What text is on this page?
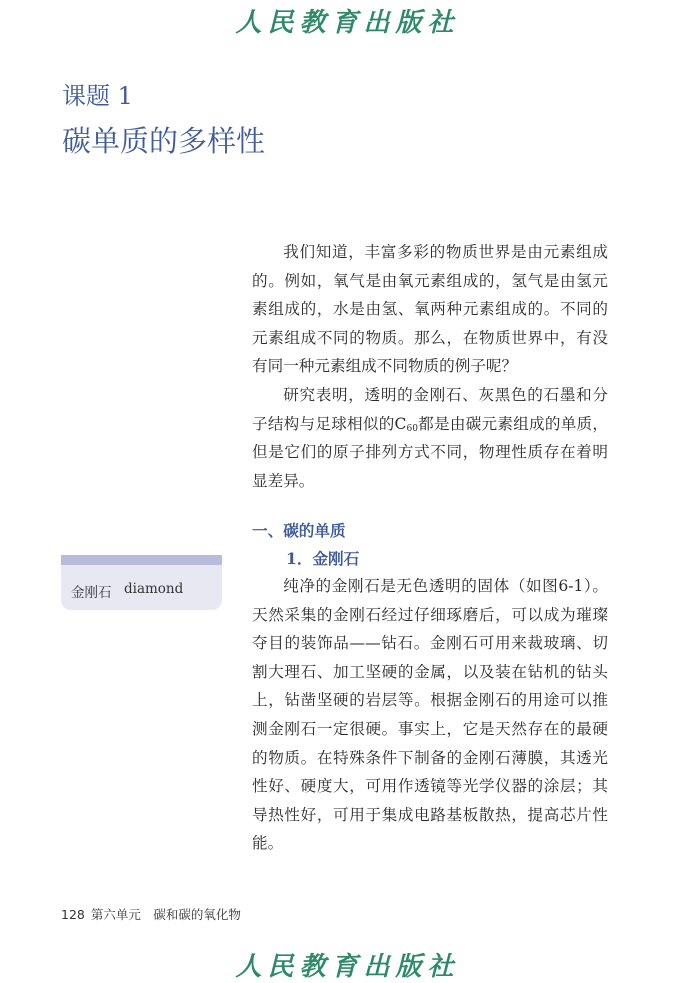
人民教育出版社
课题 1
碳单质的多样性

我们知道，丰富多彩的物质世界是由元素组成的。例如，氧气是由氧元素组成的，氢气是由氢元素组成的，水是由氢、氧两种元素组成的。不同的元素组成不同的物质。那么，在物质世界中，有没有同一种元素组成不同物质的例子呢？

研究表明，透明的金刚石、灰黑色的石墨和分子结构与足球相似的$C_{60}$都是由碳元素组成的单质，但是它们的原子排列方式不同，物理性质存在着明显差异。

一、碳的单质
1．金刚石
金刚石 diamond	纯净的金刚石是无色透明的固体（如图6-1）。天然采集的金刚石经过仔细琢磨后，可以成为璀璨夺目的装饰品——钻石。金刚石可用来裁玻璃、切割大理石、加工坚硬的金属，以及装在钻机的钻头上，钻凿坚硬的岩层等。根据金刚石的用途可以推测金刚石一定很硬。事实上，它是天然存在的最硬的物质。在特殊条件下制备的金刚石薄膜，其透光性好、硬度大，可用作透镜等光学仪器的涂层；其导热性好，可用于集成电路基板散热，提高芯片性能。

128 第六单元　碳和碳的氧化物
人民教育出版社
